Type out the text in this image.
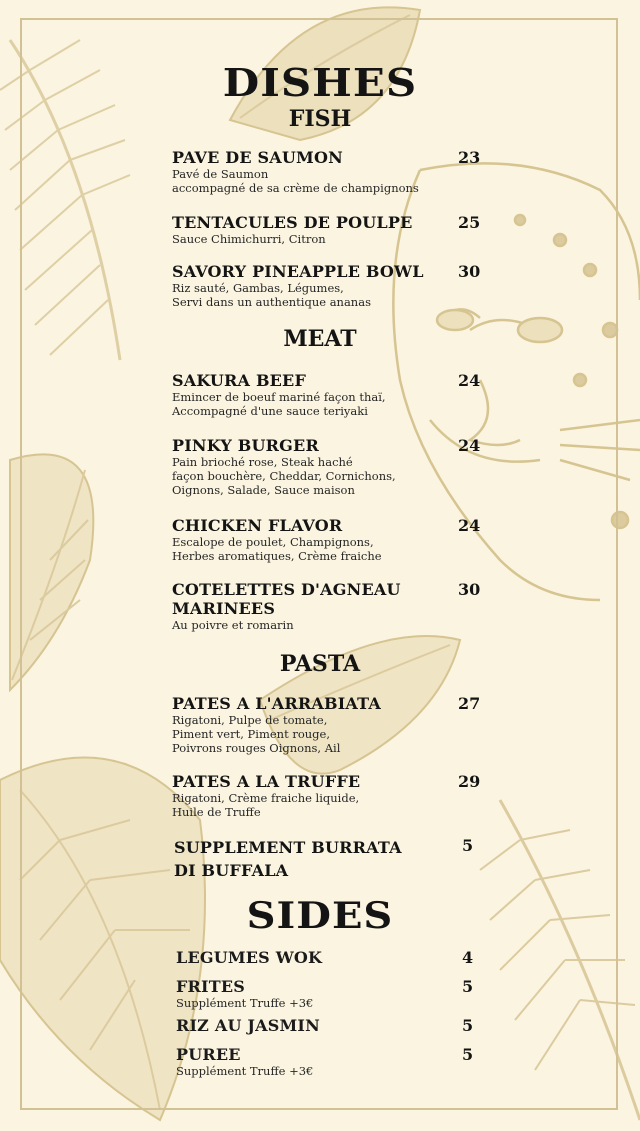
DISHES
FISH
MEAT
PASTA
SIDES
PAVE DE SAUMON
Pavé de Saumon
accompagné de sa crème de champignons
23
TENTACULES DE POULPE
Sauce Chimichurri, Citron
25
SAVORY PINEAPPLE BOWL
Riz sauté, Gambas, Légumes,
Servi dans un authentique ananas
30
SAKURA BEEF
Emincer de boeuf mariné façon thaï,
Accompagné d'une sauce teriyaki
24
PINKY BURGER
Pain brioché rose, Steak haché
façon bouchère, Cheddar, Cornichons,
Oignons, Salade, Sauce maison
24
CHICKEN FLAVOR
Escalope de poulet, Champignons,
Herbes aromatiques, Crème fraiche
24
COTELETTES D'AGNEAU
MARINEES
Au poivre et romarin
30
PATES A L'ARRABIATA
Rigatoni, Pulpe de tomate,
Piment vert, Piment rouge,
Poivrons rouges Oignons, Ail
27
PATES A LA TRUFFE
Rigatoni, Crème fraiche liquide,
Huile de Truffe
29
SUPPLEMENT BURRATA
DI BUFFALA
5
LEGUMES WOK	4
FRITES
Supplément Truffe +3€
5
RIZ AU JASMIN	5
PUREE
Supplément Truffe +3€
5
